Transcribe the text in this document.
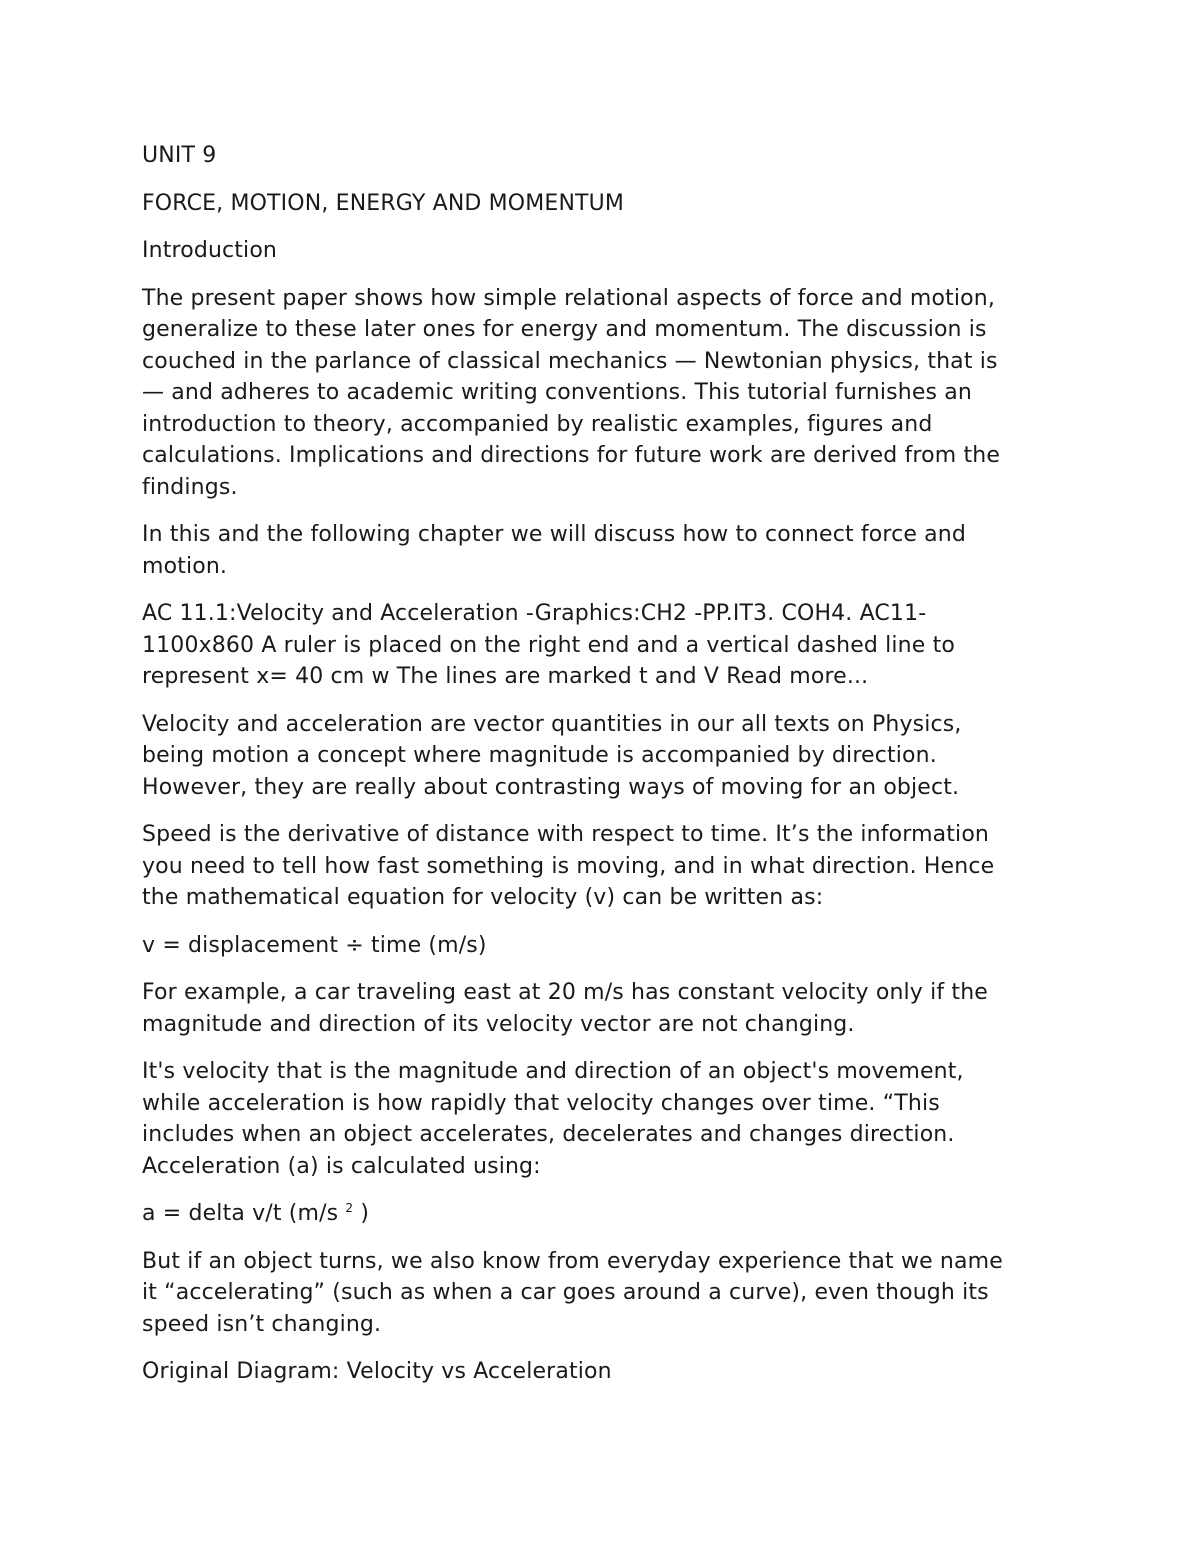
UNIT 9

FORCE, MOTION, ENERGY AND MOMENTUM

Introduction

The present paper shows how simple relational aspects of force and motion,
generalize to these later ones for energy and momentum. The discussion is
couched in the parlance of classical mechanics — Newtonian physics, that is
— and adheres to academic writing conventions. This tutorial furnishes an
introduction to theory, accompanied by realistic examples, figures and
calculations. Implications and directions for future work are derived from the
findings.

In this and the following chapter we will discuss how to connect force and
motion.

AC 11.1:Velocity and Acceleration -Graphics:CH2 -PP.IT3. COH4. AC11-
1100x860 A ruler is placed on the right end and a vertical dashed line to
represent x= 40 cm w The lines are marked t and V Read more...

Velocity and acceleration are vector quantities in our all texts on Physics,
being motion a concept where magnitude is accompanied by direction.
However, they are really about contrasting ways of moving for an object.

Speed is the derivative of distance with respect to time. It’s the information
you need to tell how fast something is moving, and in what direction. Hence
the mathematical equation for velocity (v) can be written as:

v = displacement ÷ time (m/s)

For example, a car traveling east at 20 m/s has constant velocity only if the
magnitude and direction of its velocity vector are not changing.

It's velocity that is the magnitude and direction of an object's movement,
while acceleration is how rapidly that velocity changes over time. “This
includes when an object accelerates, decelerates and changes direction.
Acceleration (a) is calculated using:

a = delta v/t (m/s $^2$ )

But if an object turns, we also know from everyday experience that we name
it “accelerating” (such as when a car goes around a curve), even though its
speed isn’t changing.

Original Diagram: Velocity vs Acceleration
